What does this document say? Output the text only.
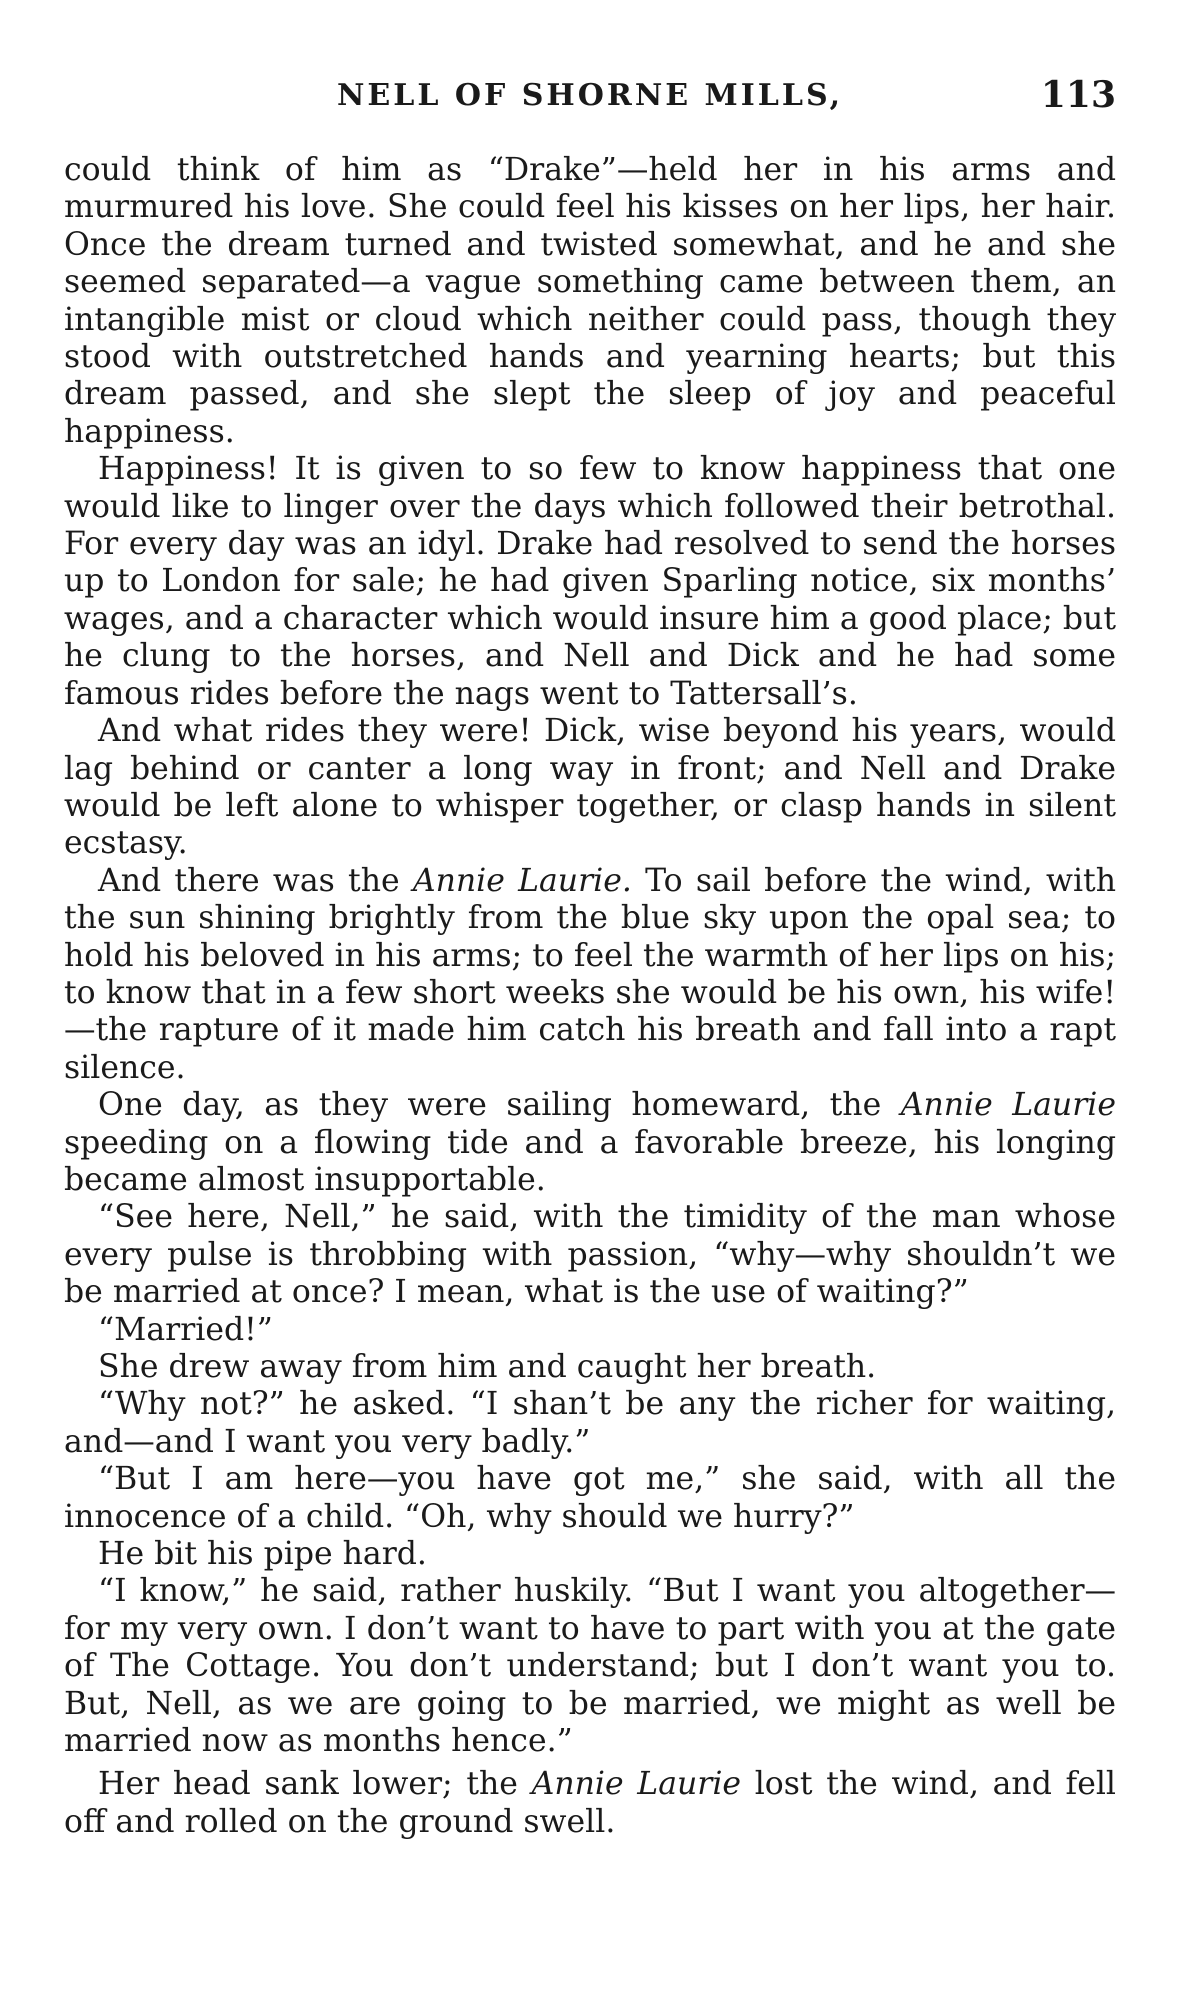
NELL OF SHORNE MILLS,	113

could think of him as “Drake”—held her in his arms and murmured his love. She could feel his kisses on her lips, her hair. Once the dream turned and twisted somewhat, and he and she seemed separated—a vague something came between them, an intangible mist or cloud which neither could pass, though they stood with outstretched hands and yearning hearts; but this dream passed, and she slept the sleep of joy and peaceful happiness.

Happiness! It is given to so few to know happiness that one would like to linger over the days which followed their betrothal. For every day was an idyl. Drake had resolved to send the horses up to London for sale; he had given Sparling notice, six months’ wages, and a character which would insure him a good place; but he clung to the horses, and Nell and Dick and he had some famous rides before the nags went to Tattersall’s.

And what rides they were! Dick, wise beyond his years, would lag behind or canter a long way in front; and Nell and Drake would be left alone to whisper together, or clasp hands in silent ecstasy.

And there was the Annie Laurie. To sail before the wind, with the sun shining brightly from the blue sky upon the opal sea; to hold his beloved in his arms; to feel the warmth of her lips on his; to know that in a few short weeks she would be his own, his wife!—the rapture of it made him catch his breath and fall into a rapt silence.

One day, as they were sailing homeward, the Annie Laurie speeding on a flowing tide and a favorable breeze, his longing became almost insupportable.

“See here, Nell,” he said, with the timidity of the man whose every pulse is throbbing with passion, “why—why shouldn’t we be married at once? I mean, what is the use of waiting?”

“Married!”

She drew away from him and caught her breath.

“Why not?” he asked. “I shan’t be any the richer for waiting, and—and I want you very badly.”

“But I am here—you have got me,” she said, with all the innocence of a child. “Oh, why should we hurry?”

He bit his pipe hard.

“I know,” he said, rather huskily. “But I want you altogether—for my very own. I don’t want to have to part with you at the gate of The Cottage. You don’t understand; but I don’t want you to. But, Nell, as we are going to be married, we might as well be married now as months hence.”

Her head sank lower; the Annie Laurie lost the wind, and fell off and rolled on the ground swell.
